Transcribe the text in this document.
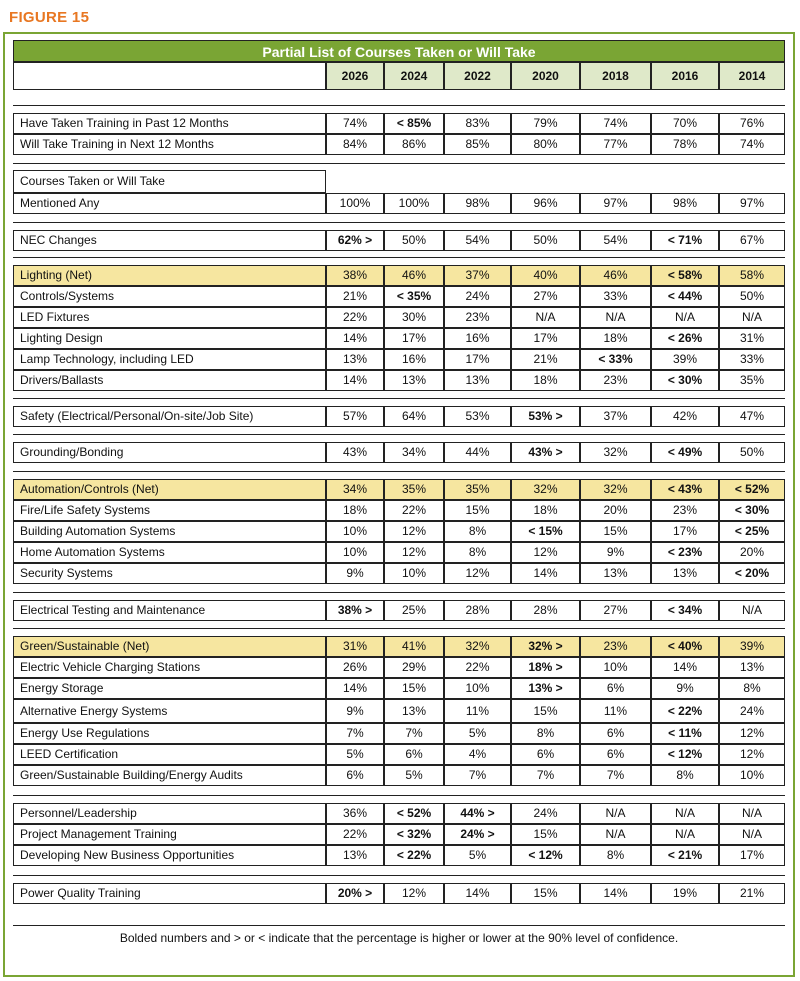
FIGURE 15
Partial List of Courses Taken or Will Take
2026	2024	2022	2020	2018	2016	2014
Have Taken Training in Past 12 Months	74%	< 85%	83%	79%	74%	70%	76%
Will Take Training in Next 12 Months	84%	86%	85%	80%	77%	78%	74%
Courses Taken or Will Take
Mentioned Any	100%	100%	98%	96%	97%	98%	97%
NEC Changes	62% >	50%	54%	50%	54%	< 71%	67%
Lighting (Net)	38%	46%	37%	40%	46%	< 58%	58%
Controls/Systems	21%	< 35%	24%	27%	33%	< 44%	50%
LED Fixtures	22%	30%	23%	N/A	N/A	N/A	N/A
Lighting Design	14%	17%	16%	17%	18%	< 26%	31%
Lamp Technology, including LED	13%	16%	17%	21%	< 33%	39%	33%
Drivers/Ballasts	14%	13%	13%	18%	23%	< 30%	35%
Safety (Electrical/Personal/On-site/Job Site)	57%	64%	53%	53% >	37%	42%	47%
Grounding/Bonding	43%	34%	44%	43% >	32%	< 49%	50%
Automation/Controls (Net)	34%	35%	35%	32%	32%	< 43%	< 52%
Fire/Life Safety Systems	18%	22%	15%	18%	20%	23%	< 30%
Building Automation Systems	10%	12%	8%	< 15%	15%	17%	< 25%
Home Automation Systems	10%	12%	8%	12%	9%	< 23%	20%
Security Systems	9%	10%	12%	14%	13%	13%	< 20%
Electrical Testing and Maintenance	38% >	25%	28%	28%	27%	< 34%	N/A
Green/Sustainable (Net)	31%	41%	32%	32% >	23%	< 40%	39%
Electric Vehicle Charging Stations	26%	29%	22%	18% >	10%	14%	13%
Energy Storage	14%	15%	10%	13% >	6%	9%	8%
Alternative Energy Systems	9%	13%	11%	15%	11%	< 22%	24%
Energy Use Regulations	7%	7%	5%	8%	6%	< 11%	12%
LEED Certification	5%	6%	4%	6%	6%	< 12%	12%
Green/Sustainable Building/Energy Audits	6%	5%	7%	7%	7%	8%	10%
Personnel/Leadership	36%	< 52%	44% >	24%	N/A	N/A	N/A
Project Management Training	22%	< 32%	24% >	15%	N/A	N/A	N/A
Developing New Business Opportunities	13%	< 22%	5%	< 12%	8%	< 21%	17%
Power Quality Training	20% >	12%	14%	15%	14%	19%	21%
Bolded numbers and > or < indicate that the percentage is higher or lower at the 90% level of confidence.
